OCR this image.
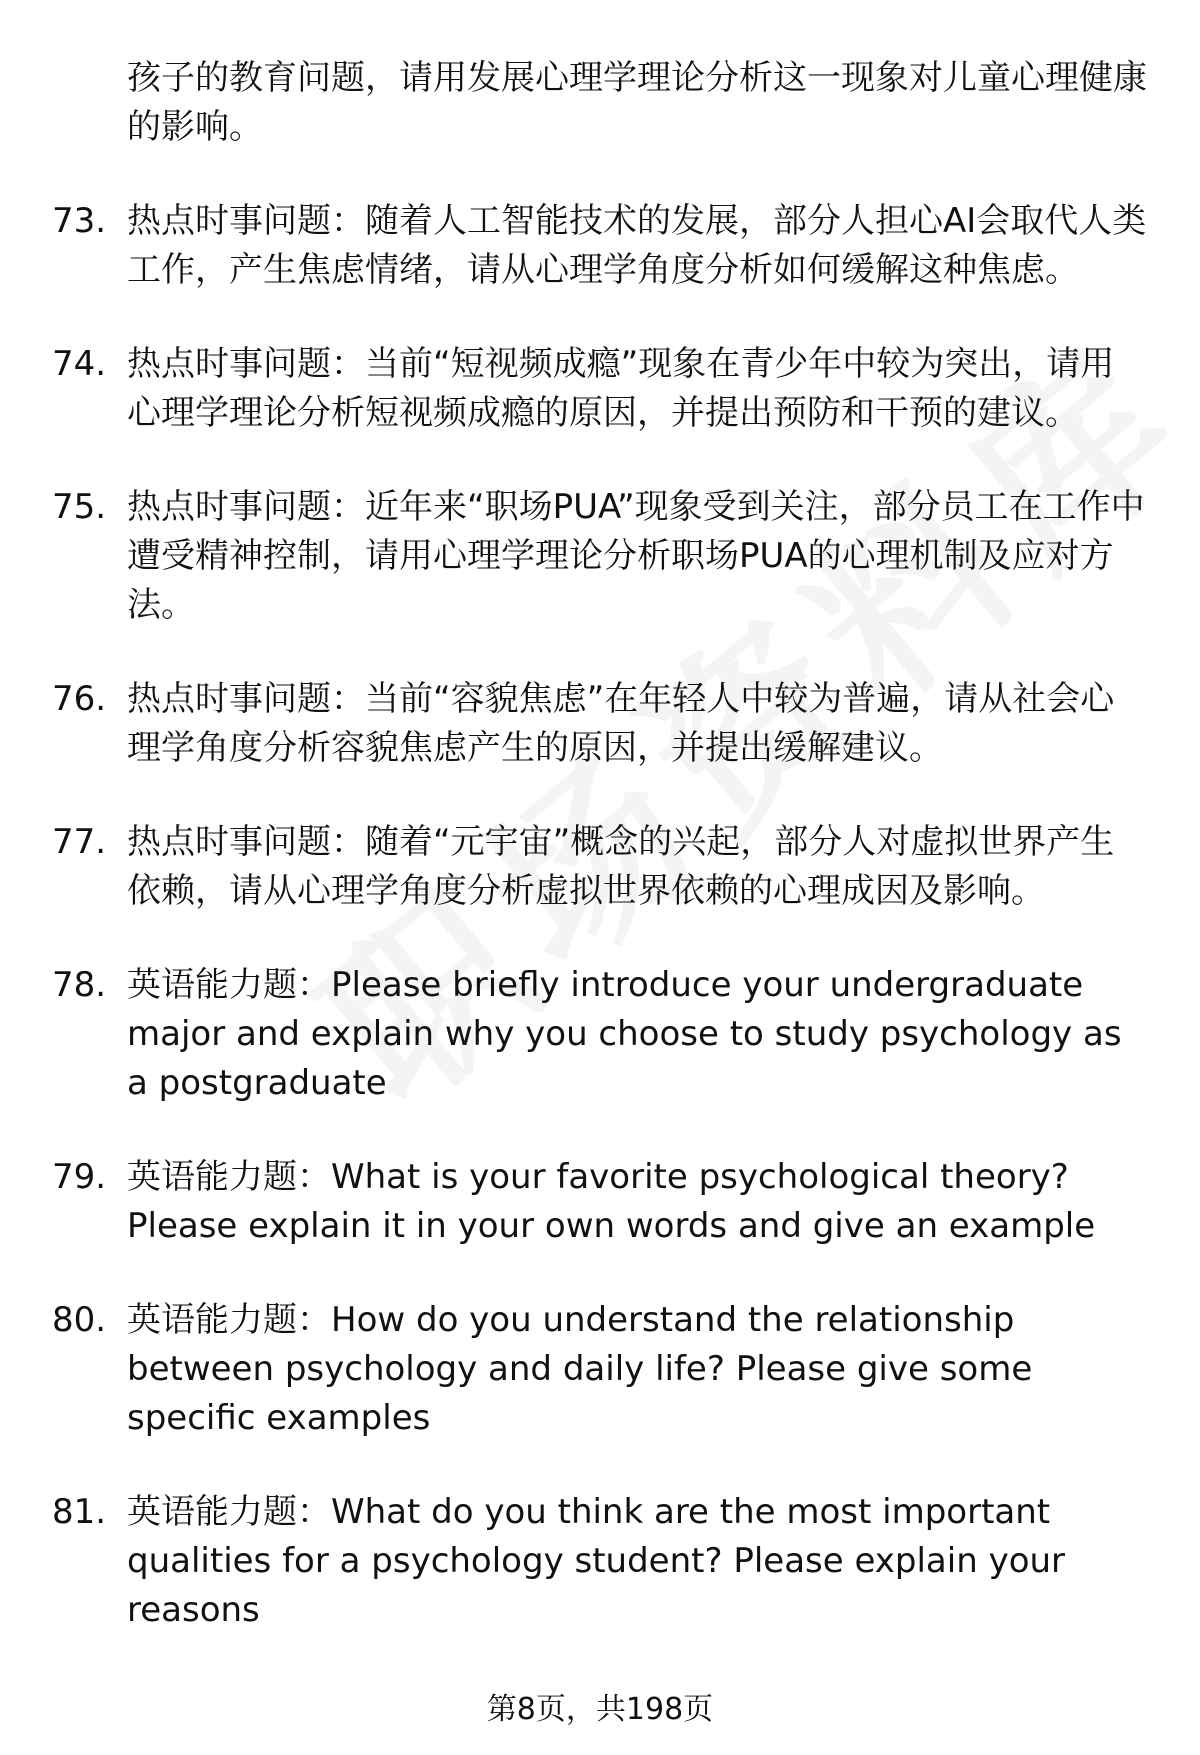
孩子的教育问题，请用发展心理学理论分析这一现象对儿童心理健康的影响。
73. 热点时事问题：随着人工智能技术的发展，部分人担心AI会取代人类工作，产生焦虑情绪，请从心理学角度分析如何缓解这种焦虑。
74. 热点时事问题：当前“短视频成瘾”现象在青少年中较为突出，请用心理学理论分析短视频成瘾的原因，并提出预防和干预的建议。
75. 热点时事问题：近年来“职场PUA”现象受到关注，部分员工在工作中遭受精神控制，请用心理学理论分析职场PUA的心理机制及应对方法。
76. 热点时事问题：当前“容貌焦虑”在年轻人中较为普遍，请从社会心理学角度分析容貌焦虑产生的原因，并提出缓解建议。
77. 热点时事问题：随着“元宇宙”概念的兴起，部分人对虚拟世界产生依赖，请从心理学角度分析虚拟世界依赖的心理成因及影响。
78. 英语能力题：Please briefly introduce your undergraduate major and explain why you choose to study psychology as a postgraduate
79. 英语能力题：What is your favorite psychological theory? Please explain it in your own words and give an example
80. 英语能力题：How do you understand the relationship between psychology and daily life? Please give some specific examples
81. 英语能力题：What do you think are the most important qualities for a psychology student? Please explain your reasons
第8页，共198页
